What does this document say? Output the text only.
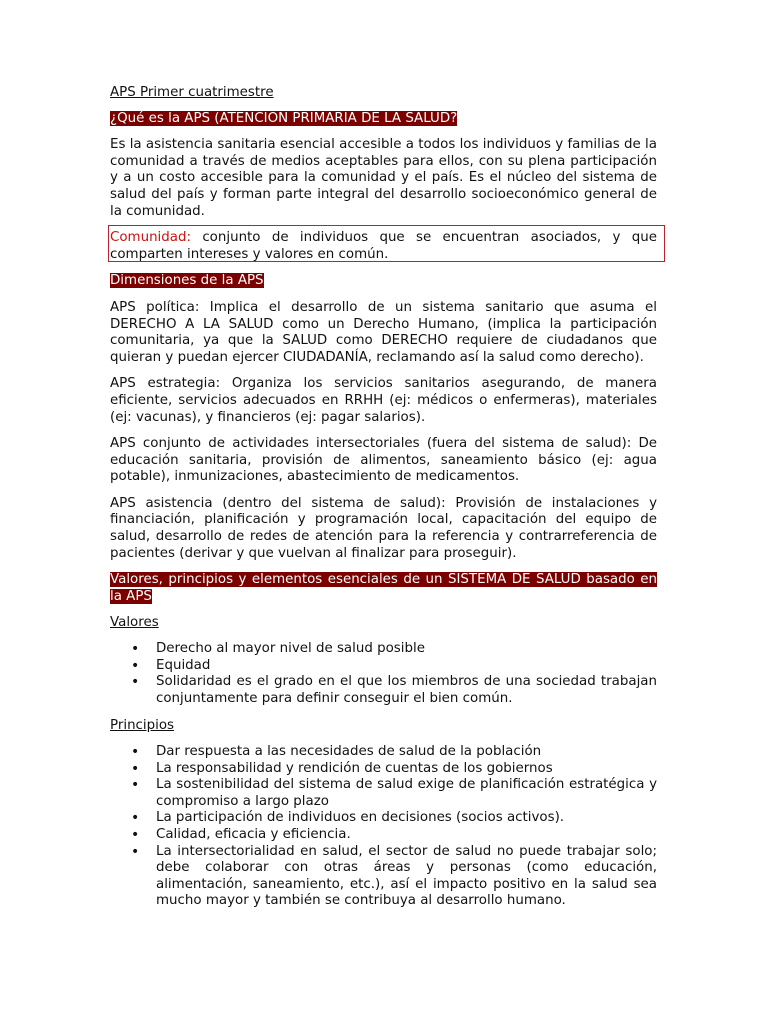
APS Primer cuatrimestre

¿Qué es la APS (ATENCION PRIMARIA DE LA SALUD?

Es la asistencia sanitaria esencial accesible a todos los individuos y familias de la comunidad a través de medios aceptables para ellos, con su plena participación y a un costo accesible para la comunidad y el país. Es el núcleo del sistema de salud del país y forman parte integral del desarrollo socioeconómico general de la comunidad.

Comunidad: conjunto de individuos que se encuentran asociados, y que comparten intereses y valores en común.

Dimensiones de la APS

APS política: Implica el desarrollo de un sistema sanitario que asuma el DERECHO A LA SALUD como un Derecho Humano, (implica la participación comunitaria, ya que la SALUD como DERECHO requiere de ciudadanos que quieran y puedan ejercer CIUDADANÍA, reclamando así la salud como derecho).

APS estrategia: Organiza los servicios sanitarios asegurando, de manera eficiente, servicios adecuados en RRHH (ej: médicos o enfermeras), materiales (ej: vacunas), y financieros (ej: pagar salarios).

APS conjunto de actividades intersectoriales (fuera del sistema de salud): De educación sanitaria, provisión de alimentos, saneamiento básico (ej: agua potable), inmunizaciones, abastecimiento de medicamentos.

APS asistencia (dentro del sistema de salud): Provisión de instalaciones y financiación, planificación y programación local, capacitación del equipo de salud, desarrollo de redes de atención para la referencia y contrarreferencia de pacientes (derivar y que vuelvan al finalizar para proseguir).

Valores, principios y elementos esenciales de un SISTEMA DE SALUD basado en la APS

Valores

• Derecho al mayor nivel de salud posible
• Equidad
• Solidaridad es el grado en el que los miembros de una sociedad trabajan conjuntamente para definir conseguir el bien común.

Principios

• Dar respuesta a las necesidades de salud de la población
• La responsabilidad y rendición de cuentas de los gobiernos
• La sostenibilidad del sistema de salud exige de planificación estratégica y compromiso a largo plazo
• La participación de individuos en decisiones (socios activos).
• Calidad, eficacia y eficiencia.
• La intersectorialidad en salud, el sector de salud no puede trabajar solo; debe colaborar con otras áreas y personas (como educación, alimentación, saneamiento, etc.), así el impacto positivo en la salud sea mucho mayor y también se contribuya al desarrollo humano.
